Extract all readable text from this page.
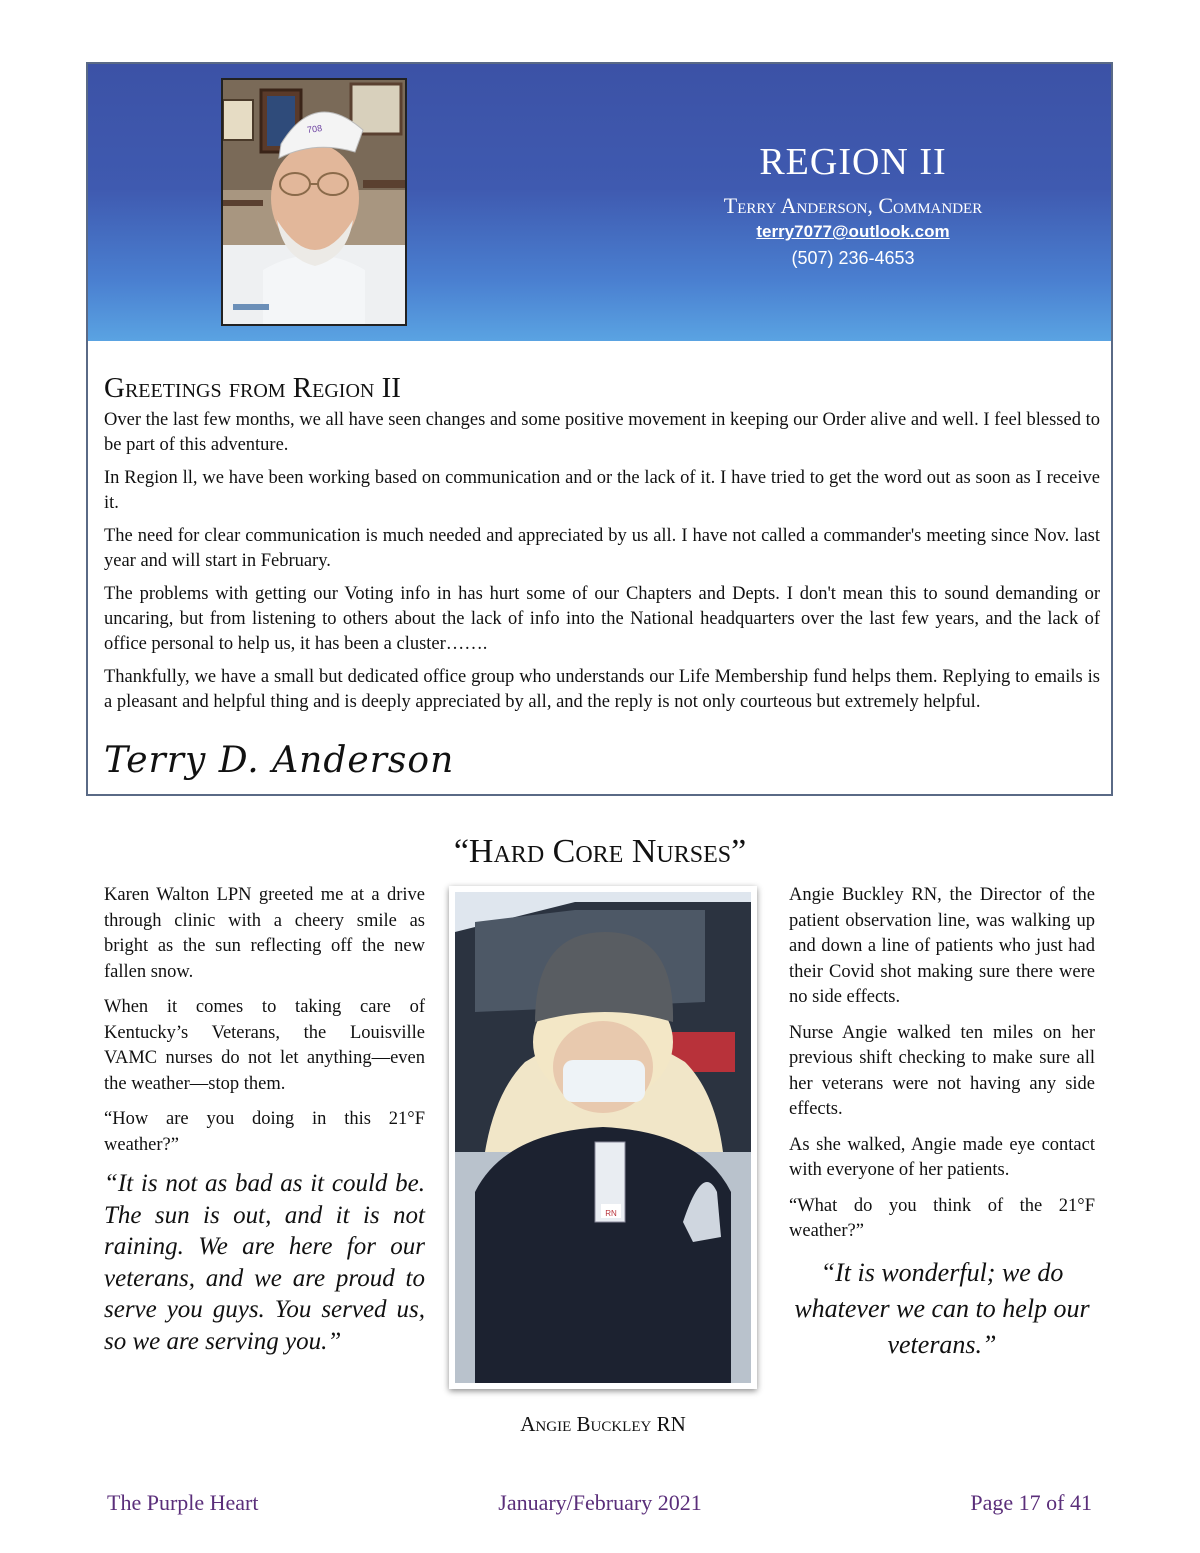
708
REGION II
Terry Anderson, Commander
terry7077@outlook.com
(507) 236-4653
Greetings from Region II

Over the last few months, we all have seen changes and some positive movement in keeping our Order alive and well. I feel blessed to be part of this adventure.

In Region ll, we have been working based on communication and or the lack of it. I have tried to get the word out as soon as I receive it.

The need for clear communication is much needed and appreciated by us all. I have not called a commander's meeting since Nov. last year and will start in February.

The problems with getting our Voting info in has hurt some of our Chapters and Depts. I don't mean this to sound demanding or uncaring, but from listening to others about the lack of info into the National headquarters over the last few years, and the lack of office personal to help us, it has been a cluster…….

Thankfully, we have a small but dedicated office group who understands our Life Membership fund helps them. Replying to emails is a pleasant and helpful thing and is deeply appreciated by all, and the reply is not only courteous but extremely helpful.

Terry D. Anderson
“Hard Core Nurses”

Karen Walton LPN greeted me at a drive through clinic with a cheery smile as bright as the sun reflecting off the new fallen snow.

When it comes to taking care of Kentucky’s Veterans, the Louisville VAMC nurses do not let anything—even the weather—stop them.

“How are you doing in this 21°F weather?”

“It is not as bad as it could be. The sun is out, and it is not raining. We are here for our veterans, and we are proud to serve you guys. You served us, so we are serving you.”
RN
Angie Buckley RN

Angie Buckley RN, the Director of the patient observation line, was walking up and down a line of patients who just had their Covid shot making sure there were no side effects.

Nurse Angie walked ten miles on her previous shift checking to make sure all her veterans were not having any side effects.

As she walked, Angie made eye contact with everyone of her patients.

“What do you think of the 21°F weather?”

“It is wonderful; we do whatever we can to help our veterans.”
The Purple Heart	January/February 2021	Page 17 of 41
